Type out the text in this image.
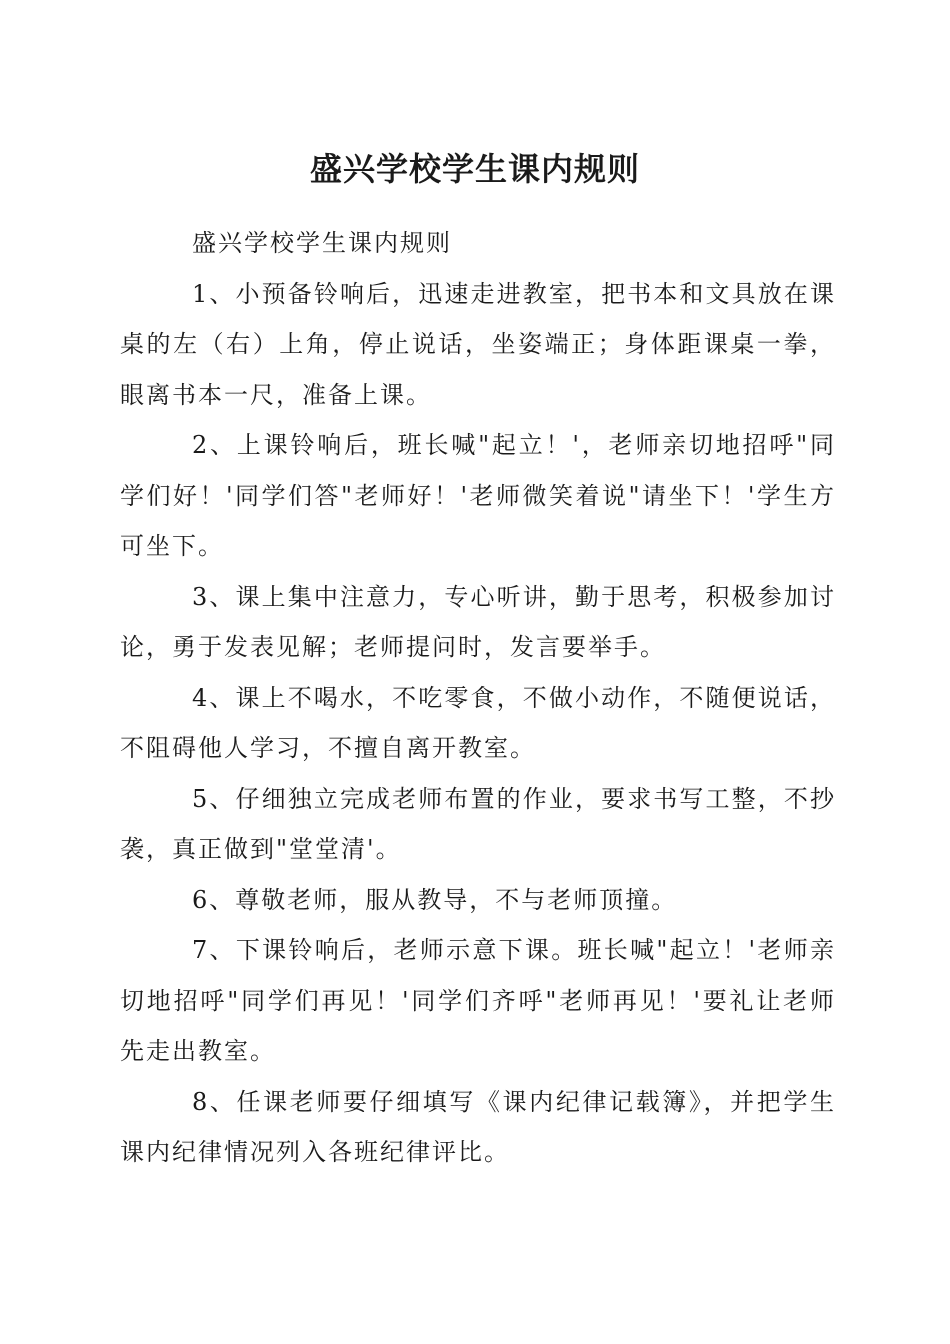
盛兴学校学生课内规则

盛兴学校学生课内规则

1、小预备铃响后，迅速走进教室，把书本和文具放在课桌的左（右）上角，停止说话，坐姿端正；身体距课桌一拳，眼离书本一尺，准备上课。

2、上课铃响后，班长喊"起立！'，老师亲切地招呼"同学们好！'同学们答"老师好！'老师微笑着说"请坐下！'学生方可坐下。

3、课上集中注意力，专心听讲，勤于思考，积极参加讨论，勇于发表见解；老师提问时，发言要举手。

4、课上不喝水，不吃零食，不做小动作，不随便说话，不阻碍他人学习，不擅自离开教室。

5、仔细独立完成老师布置的作业，要求书写工整，不抄袭，真正做到"堂堂清'。

6、尊敬老师，服从教导，不与老师顶撞。

7、下课铃响后，老师示意下课。班长喊"起立！'老师亲切地招呼"同学们再见！'同学们齐呼"老师再见！'要礼让老师先走出教室。

8、任课老师要仔细填写《课内纪律记载簿》，并把学生课内纪律情况列入各班纪律评比。
